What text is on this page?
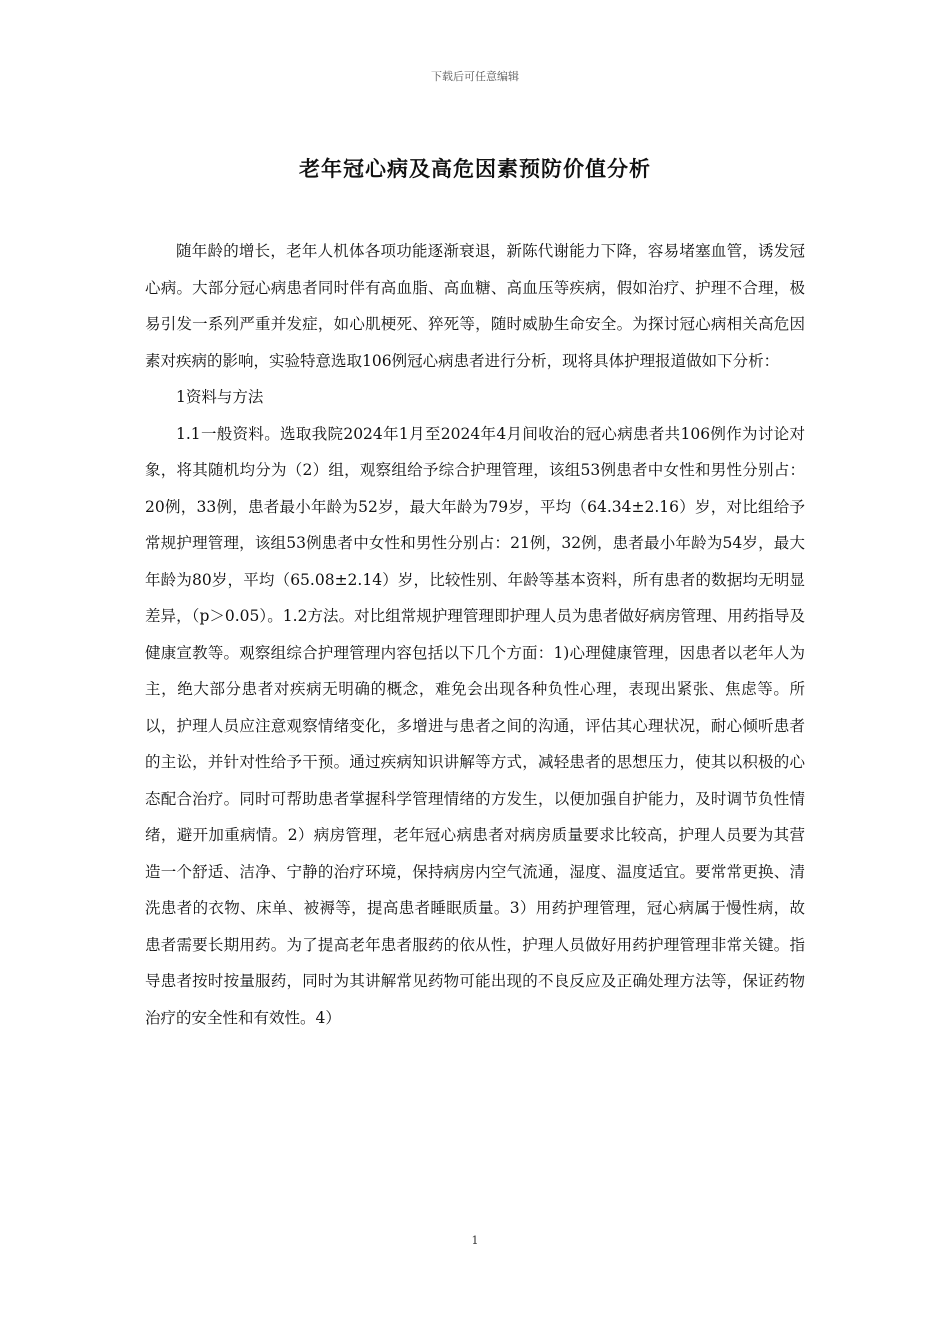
下载后可任意编辑
老年冠心病及高危因素预防价值分析

随年龄的增长，老年人机体各项功能逐渐衰退，新陈代谢能力下降，容易堵塞血管，诱发冠心病。大部分冠心病患者同时伴有高血脂、高血糖、高血压等疾病，假如治疗、护理不合理，极易引发一系列严重并发症，如心肌梗死、猝死等，随时威胁生命安全。为探讨冠心病相关高危因素对疾病的影响，实验特意选取106例冠心病患者进行分析，现将具体护理报道做如下分析：

1资料与方法

1.1一般资料。选取我院2024年1月至2024年4月间收治的冠心病患者共106例作为讨论对象，将其随机均分为（2）组，观察组给予综合护理管理，该组53例患者中女性和男性分别占：20例，33例，患者最小年龄为52岁，最大年龄为79岁，平均（64.34±2.16）岁，对比组给予常规护理管理，该组53例患者中女性和男性分别占：21例，32例，患者最小年龄为54岁，最大年龄为80岁，平均（65.08±2.14）岁，比较性别、年龄等基本资料，所有患者的数据均无明显差异，（p＞0.05）。1.2方法。对比组常规护理管理即护理人员为患者做好病房管理、用药指导及健康宣教等。观察组综合护理管理内容包括以下几个方面：1)心理健康管理，因患者以老年人为主，绝大部分患者对疾病无明确的概念，难免会出现各种负性心理，表现出紧张、焦虑等。所以，护理人员应注意观察情绪变化，多增进与患者之间的沟通，评估其心理状况，耐心倾听患者的主讼，并针对性给予干预。通过疾病知识讲解等方式，减轻患者的思想压力，使其以积极的心态配合治疗。同时可帮助患者掌握科学管理情绪的方发生，以便加强自护能力，及时调节负性情绪，避开加重病情。2）病房管理，老年冠心病患者对病房质量要求比较高，护理人员要为其营造一个舒适、洁净、宁静的治疗环境，保持病房内空气流通，湿度、温度适宜。要常常更换、清洗患者的衣物、床单、被褥等，提高患者睡眠质量。3）用药护理管理，冠心病属于慢性病，故患者需要长期用药。为了提高老年患者服药的依从性，护理人员做好用药护理管理非常关键。指导患者按时按量服药，同时为其讲解常见药物可能出现的不良反应及正确处理方法等，保证药物治疗的安全性和有效性。4）

1
